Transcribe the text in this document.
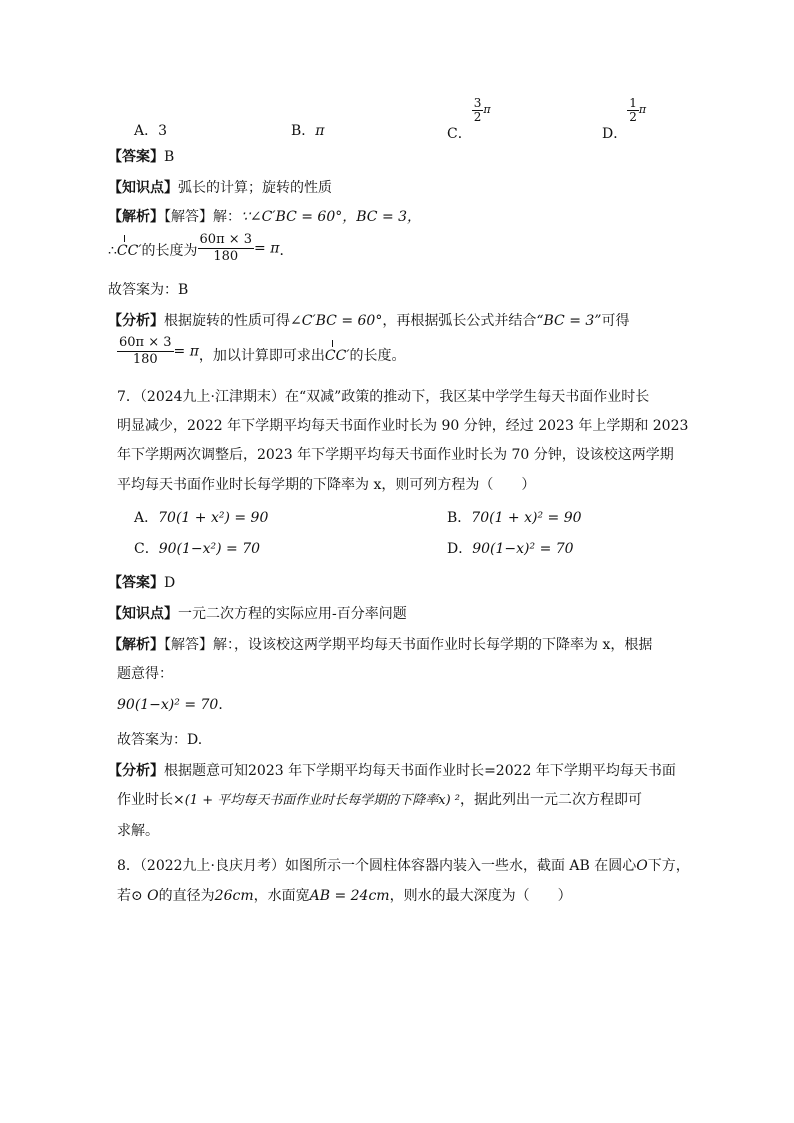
A．3	B．π	C．
$\frac{3}{2}$ π
D．
$\frac{1}{2}$ π
【答案】B
【知识点】弧长的计算；旋转的性质
【解析】【解答】解：∵∠C′BC = 60°，BC = 3，
∴CC′的长度为 $\frac{60\pi \times 3}{180} = \pi$．
故答案为：B
【分析】根据旋转的性质可得∠C′BC = 60°，再根据弧长公式并结合“BC = 3”可得
$\frac{60\pi \times 3}{180} = \pi$，加以计算即可求出CC′的长度。
7．（2024九上·江津期末）在“双减”政策的推动下，我区某中学学生每天书面作业时长
明显减少，2022 年下学期平均每天书面作业时长为 90 分钟，经过 2023 年上学期和 2023
年下学期两次调整后，2023 年下学期平均每天书面作业时长为 70 分钟，设该校这两学期
平均每天书面作业时长每学期的下降率为 x，则可列方程为（　　）
A．70(1 + x²) = 90	B．70(1 + x)² = 90
C．90(1−x²) = 70	D．90(1−x)² = 70
【答案】D
【知识点】一元二次方程的实际应用-百分率问题
【解析】【解答】解：，设该校这两学期平均每天书面作业时长每学期的下降率为 x，根据
题意得：
90(1−x)² = 70．
故答案为：D.
【分析】根据题意可知2023 年下学期平均每天书面作业时长=2022 年下学期平均每天书面
作业时长×(1 + 平均每天书面作业时长每学期的下降率x) ²，据此列出一元二次方程即可
求解。
8．（2022九上·良庆月考）如图所示一个圆柱体容器内装入一些水，截面 AB 在圆心O下方，
若⊙ O的直径为26cm，水面宽AB = 24cm，则水的最大深度为（　　）
